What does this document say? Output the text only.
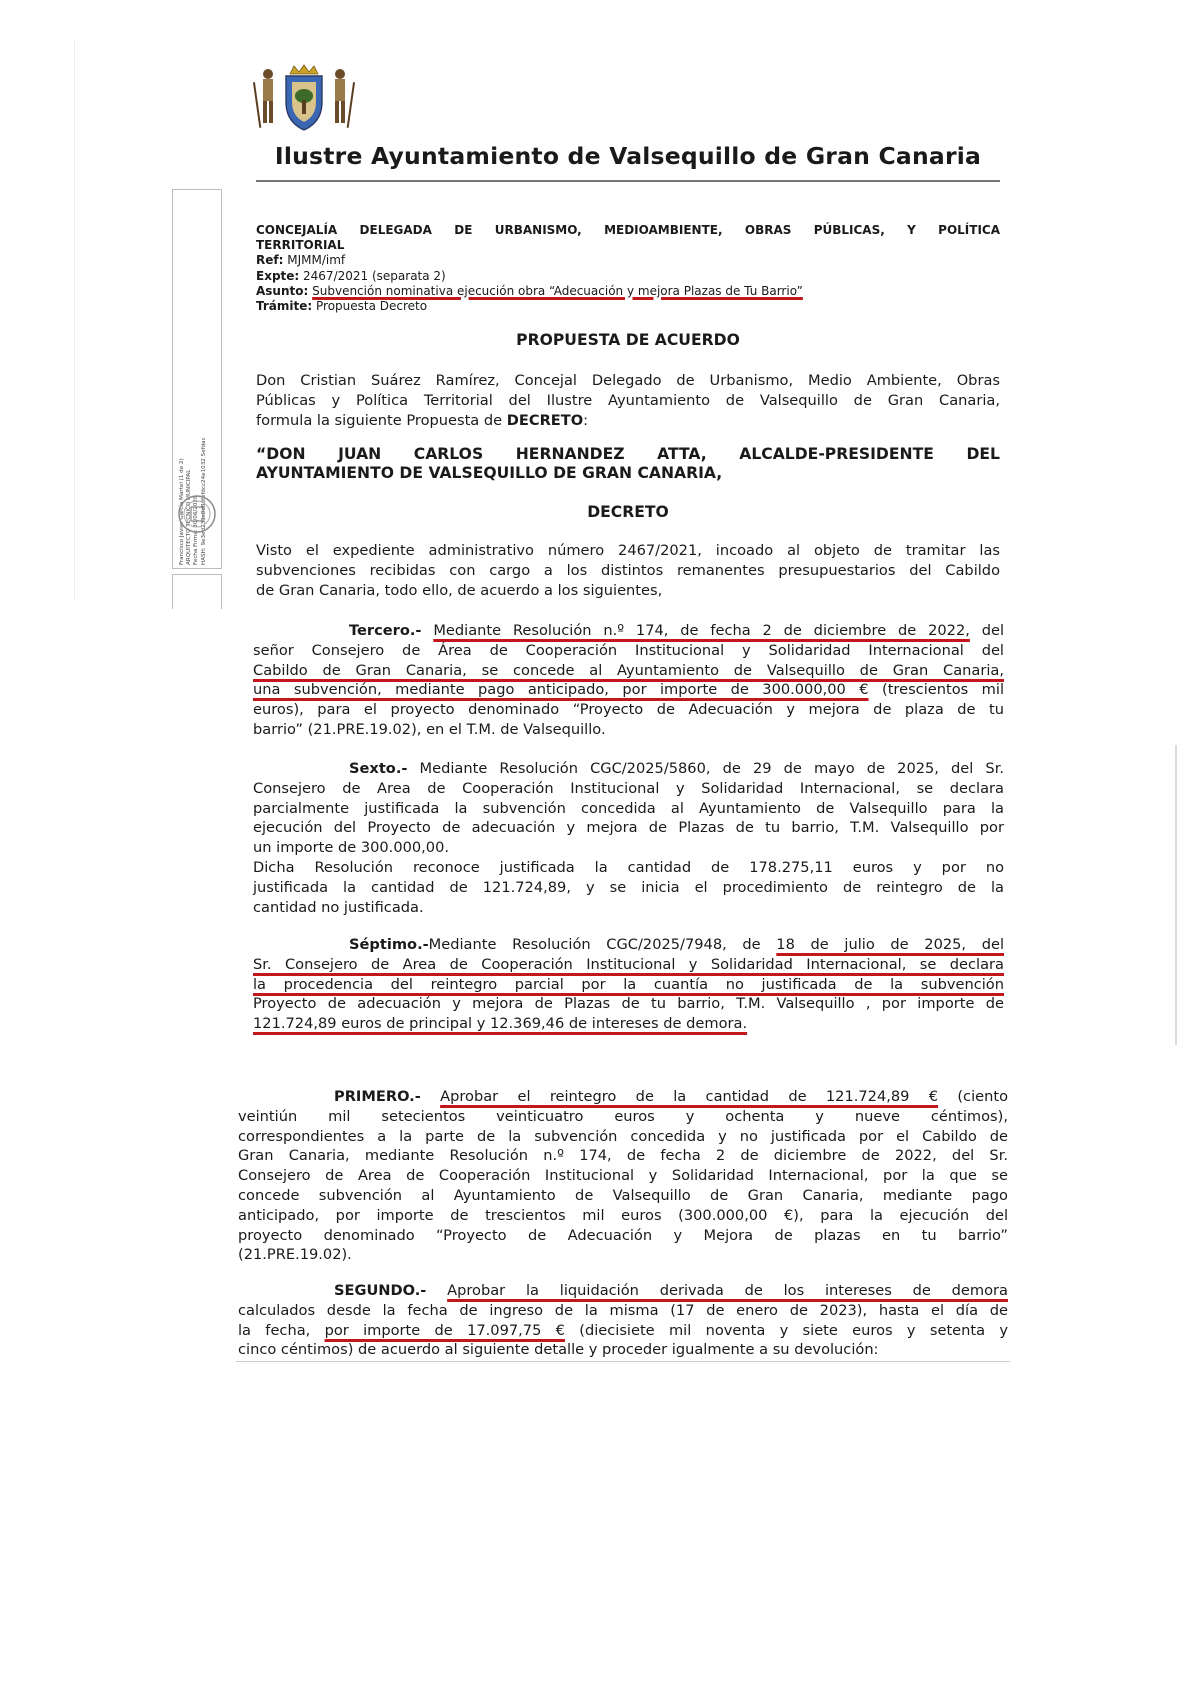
Ilustre Ayuntamiento de Valsequillo de Gran Canaria
Francisco Javier García Martel (1 de 2) ARQUITECTO TECNICO MUNICIPAL Fecha Firma: 30/06/2026 HASH: 9e3ed233c8d8dfefdcc24e1032 5efdac
CONCEJALÍA DELEGADA DE URBANISMO, MEDIOAMBIENTE, OBRAS PÚBLICAS, Y POLÍTICA
TERRITORIAL
Ref: MJMM/imf
Expte: 2467/2021 (separata 2)
Asunto: Subvención nominativa ejecución obra “Adecuación y mejora Plazas de Tu Barrio”
Trámite: Propuesta Decreto
PROPUESTA DE ACUERDO
Don Cristian Suárez Ramírez, Concejal Delegado de Urbanismo, Medio Ambiente, Obras
Públicas y Política Territorial del Ilustre Ayuntamiento de Valsequillo de Gran Canaria,
formula la siguiente Propuesta de DECRETO:
“DON JUAN CARLOS HERNANDEZ ATTA, ALCALDE-PRESIDENTE DEL
AYUNTAMIENTO DE VALSEQUILLO DE GRAN CANARIA,
DECRETO
Visto el expediente administrativo número 2467/2021, incoado al objeto de tramitar las
subvenciones recibidas con cargo a los distintos remanentes presupuestarios del Cabildo
de Gran Canaria, todo ello, de acuerdo a los siguientes,
Tercero.- Mediante Resolución n.º 174, de fecha 2 de diciembre de 2022, del
señor Consejero de Área de Cooperación Institucional y Solidaridad Internacional del
Cabildo de Gran Canaria, se concede al Ayuntamiento de Valsequillo de Gran Canaria,
una subvención, mediante pago anticipado, por importe de 300.000,00 € (trescientos mil
euros), para el proyecto denominado “Proyecto de Adecuación y mejora de plaza de tu
barrio” (21.PRE.19.02), en el T.M. de Valsequillo.
Sexto.- Mediante Resolución CGC/2025/5860, de 29 de mayo de 2025, del Sr.
Consejero de Area de Cooperación Institucional y Solidaridad Internacional, se declara
parcialmente justificada la subvención concedida al Ayuntamiento de Valsequillo para la
ejecución del Proyecto de adecuación y mejora de Plazas de tu barrio, T.M. Valsequillo por
un importe de 300.000,00.
Dicha Resolución reconoce justificada la cantidad de 178.275,11 euros y por no
justificada la cantidad de 121.724,89, y se inicia el procedimiento de reintegro de la
cantidad no justificada.
Séptimo.-Mediante Resolución CGC/2025/7948, de 18 de julio de 2025, del
Sr. Consejero de Area de Cooperación Institucional y Solidaridad Internacional, se declara
la procedencia del reintegro parcial por la cuantía no justificada de la subvención
Proyecto de adecuación y mejora de Plazas de tu barrio, T.M. Valsequillo , por importe de
121.724,89 euros de principal y 12.369,46 de intereses de demora.
PRIMERO.- Aprobar el reintegro de la cantidad de 121.724,89 € (ciento
veintiún mil setecientos veinticuatro euros y ochenta y nueve céntimos),
correspondientes a la parte de la subvención concedida y no justificada por el Cabildo de
Gran Canaria, mediante Resolución n.º 174, de fecha 2 de diciembre de 2022, del Sr.
Consejero de Area de Cooperación Institucional y Solidaridad Internacional, por la que se
concede subvención al Ayuntamiento de Valsequillo de Gran Canaria, mediante pago
anticipado, por importe de trescientos mil euros (300.000,00 €), para la ejecución del
proyecto denominado “Proyecto de Adecuación y Mejora de plazas en tu barrio”
(21.PRE.19.02).
SEGUNDO.- Aprobar la liquidación derivada de los intereses de demora
calculados desde la fecha de ingreso de la misma (17 de enero de 2023), hasta el día de
la fecha, por importe de 17.097,75 € (diecisiete mil noventa y siete euros y setenta y
cinco céntimos) de acuerdo al siguiente detalle y proceder igualmente a su devolución:
